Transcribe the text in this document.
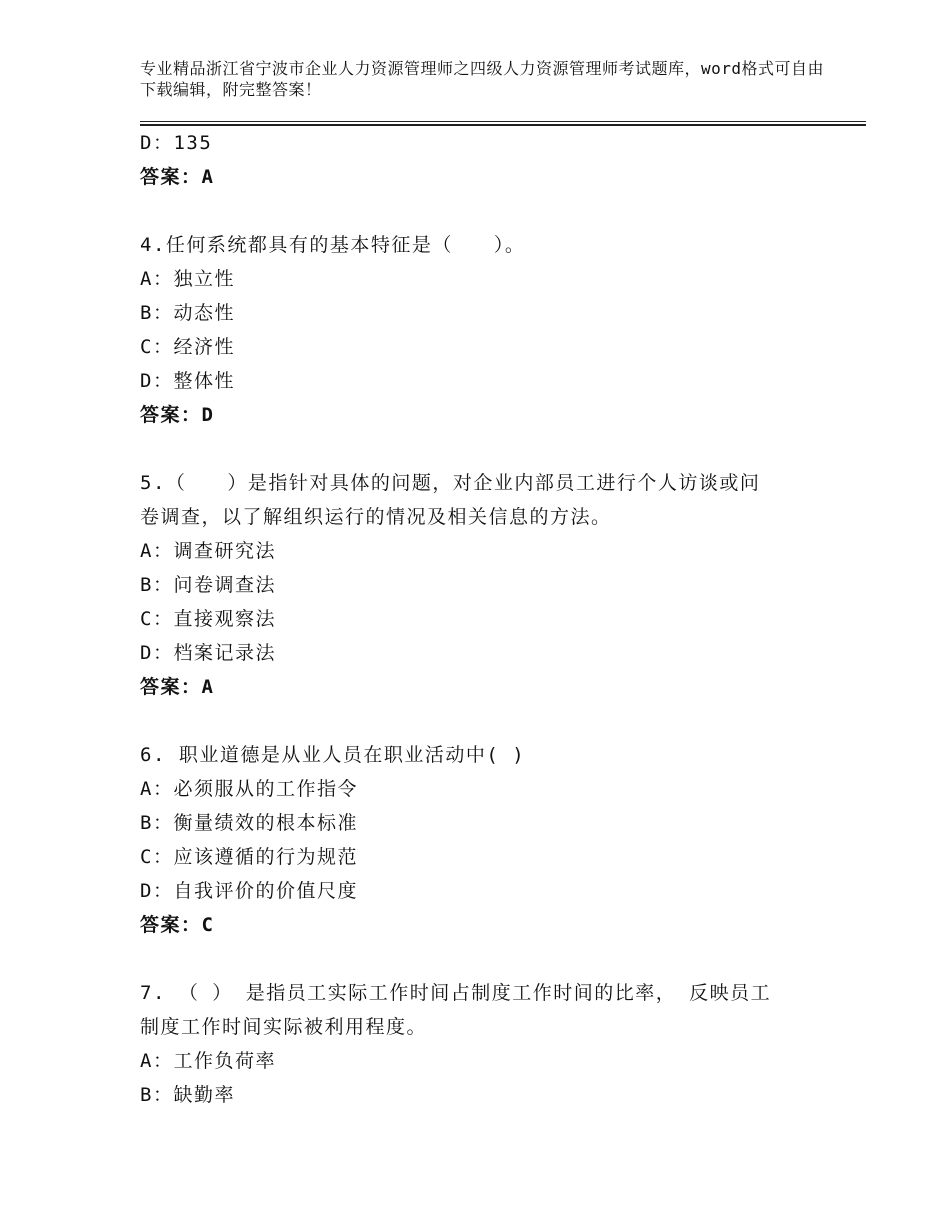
专业精品浙江省宁波市企业人力资源管理师之四级人力资源管理师考试题库，word格式可自由下载编辑，附完整答案！
D：135
答案：A
4.任何系统都具有的基本特征是（　　）。
A：独立性
B：动态性
C：经济性
D：整体性
答案：D
5.（　　）是指针对具体的问题，对企业内部员工进行个人访谈或问
卷调查，以了解组织运行的情况及相关信息的方法。
A：调查研究法
B：问卷调查法
C：直接观察法
D：档案记录法
答案：A
6. 职业道德是从业人员在职业活动中( )
A：必须服从的工作指令
B：衡量绩效的根本标准
C：应该遵循的行为规范
D：自我评价的价值尺度
答案：C
7. （ ） 是指员工实际工作时间占制度工作时间的比率， 反映员工
制度工作时间实际被利用程度。
A：工作负荷率
B：缺勤率
